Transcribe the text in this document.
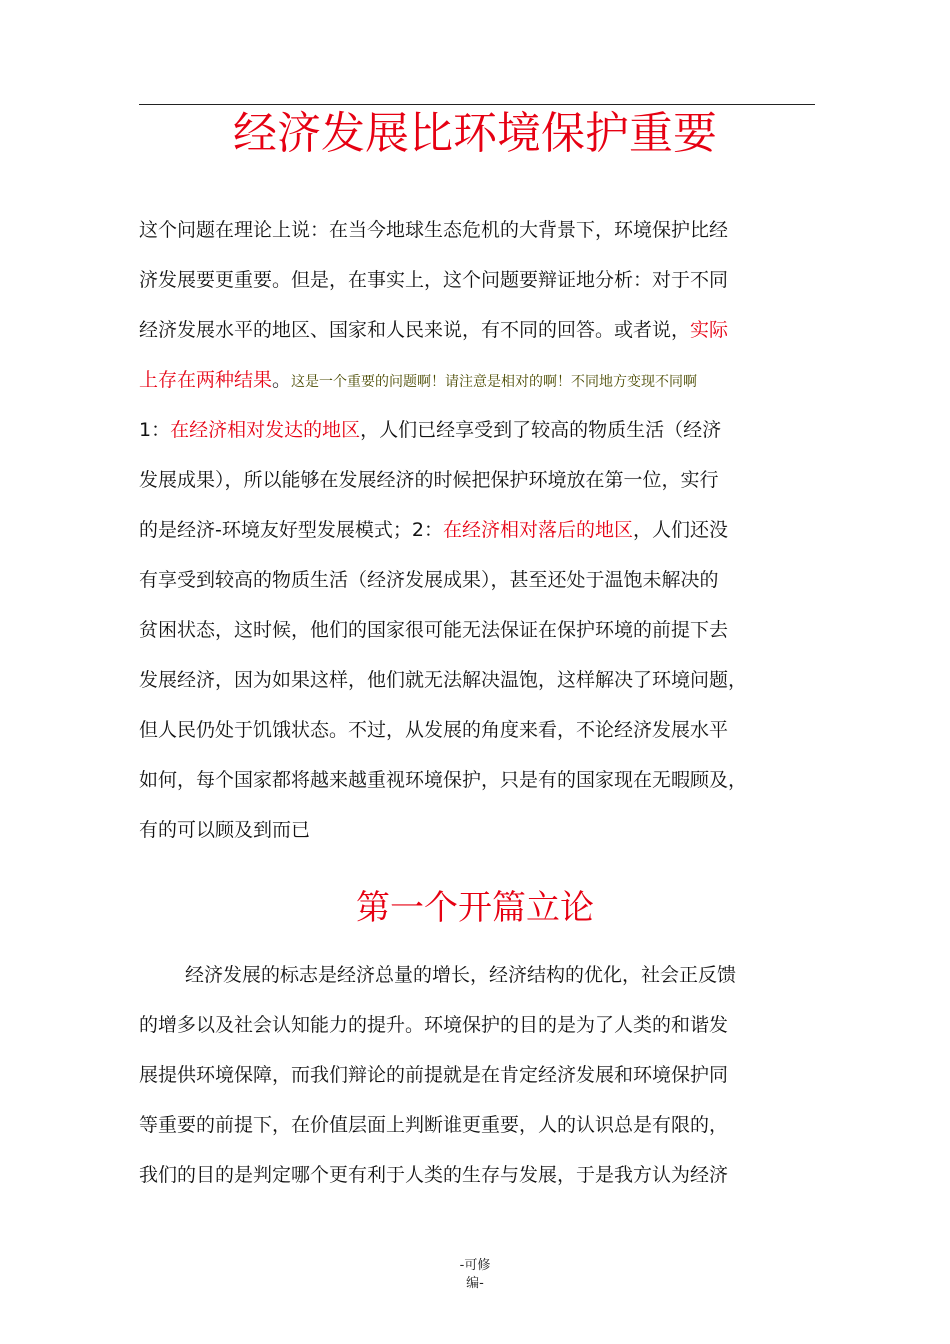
经济发展比环境保护重要
这个问题在理论上说：在当今地球生态危机的大背景下，环境保护比经
济发展要更重要。但是，在事实上，这个问题要辩证地分析：对于不同
经济发展水平的地区、国家和人民来说，有不同的回答。或者说，实际
上存在两种结果。这是一个重要的问题啊！请注意是相对的啊！不同地方变现不同啊
1：在经济相对发达的地区，人们已经享受到了较高的物质生活（经济
发展成果），所以能够在发展经济的时候把保护环境放在第一位，实行
的是经济-环境友好型发展模式；2：在经济相对落后的地区，人们还没
有享受到较高的物质生活（经济发展成果），甚至还处于温饱未解决的
贫困状态，这时候，他们的国家很可能无法保证在保护环境的前提下去
发展经济，因为如果这样，他们就无法解决温饱，这样解决了环境问题，
但人民仍处于饥饿状态。不过，从发展的角度来看，不论经济发展水平
如何，每个国家都将越来越重视环境保护，只是有的国家现在无暇顾及，
有的可以顾及到而已
第一个开篇立论
经济发展的标志是经济总量的增长，经济结构的优化，社会正反馈
的增多以及社会认知能力的提升。环境保护的目的是为了人类的和谐发
展提供环境保障，而我们辩论的前提就是在肯定经济发展和环境保护同
等重要的前提下，在价值层面上判断谁更重要，人的认识总是有限的，
我们的目的是判定哪个更有利于人类的生存与发展，于是我方认为经济
-可修
编-
